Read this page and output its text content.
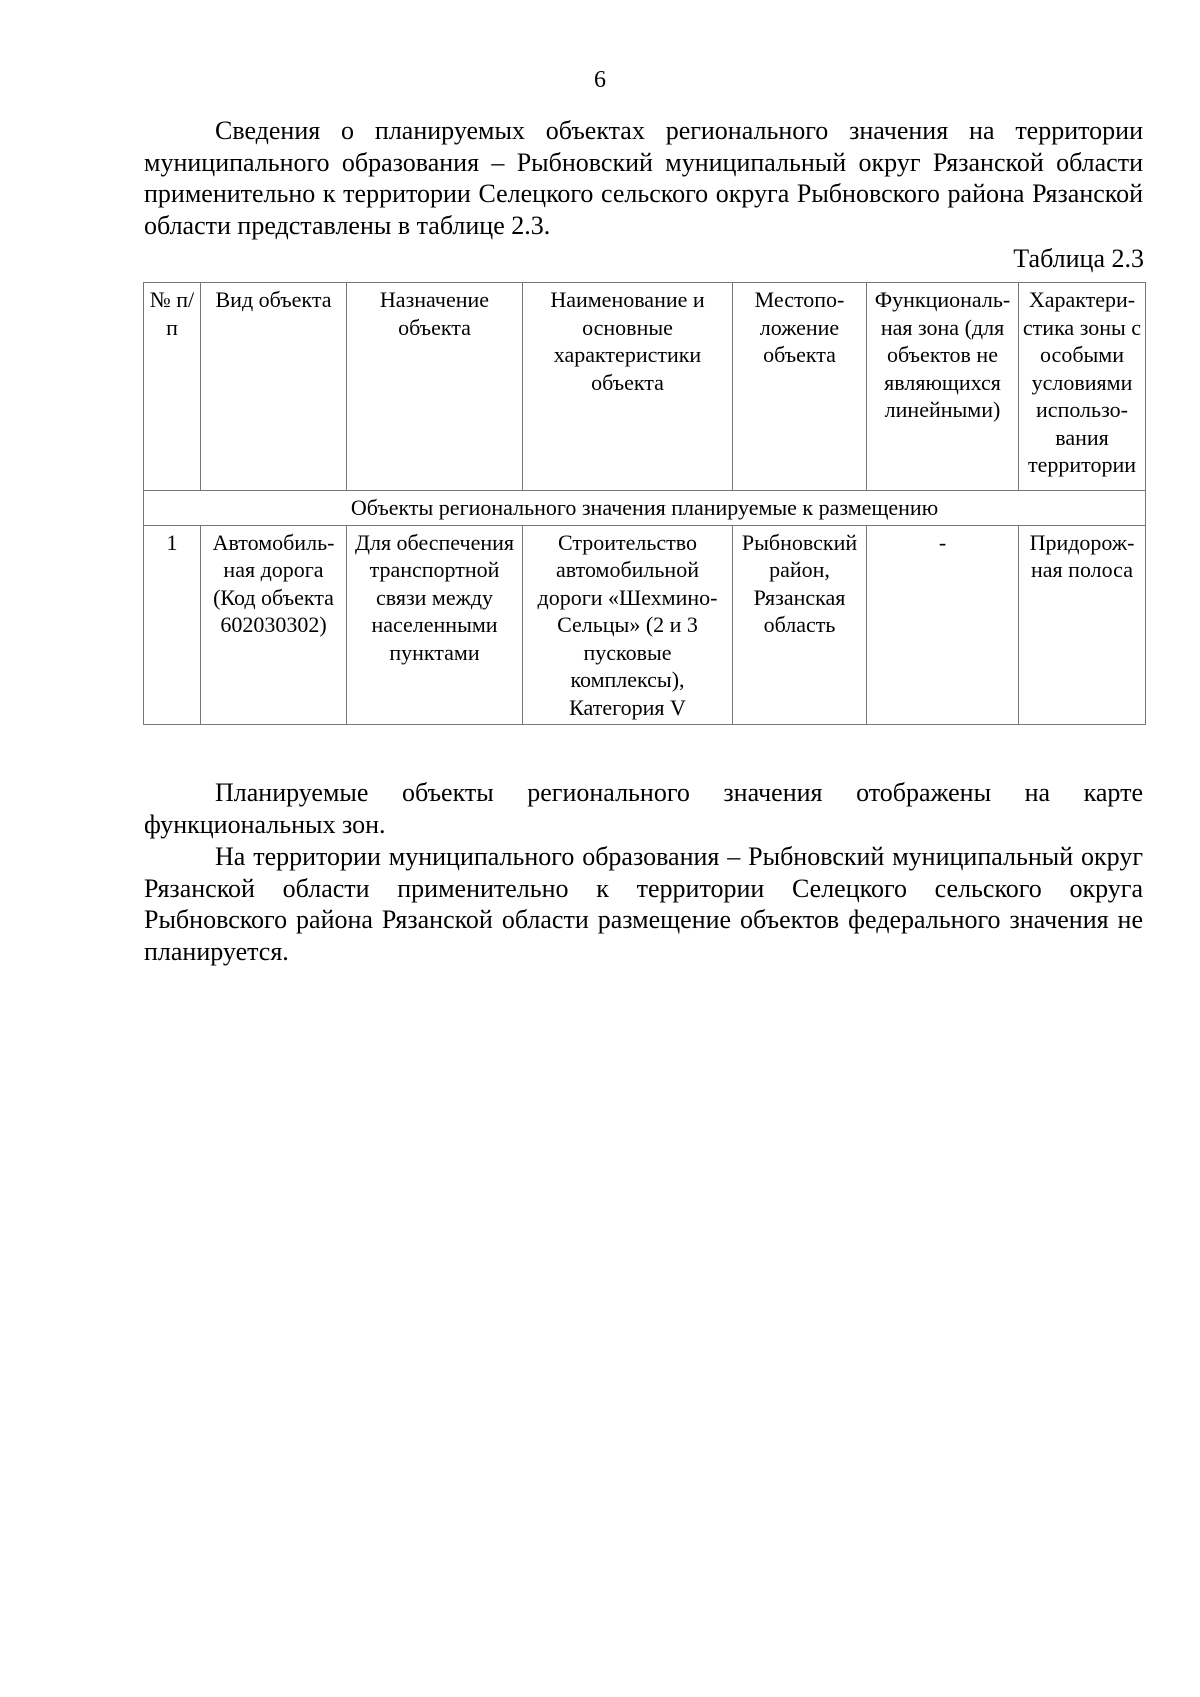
6

Сведения о планируемых объектах регионального значения на территории муниципального образования – Рыбновский муниципальный округ Рязанской области применительно к территории Селецкого сельского округа Рыбновского района Рязанской области представлены в таблице 2.3.

Таблица 2.3
№ п/п	Вид объекта	Назначение объекта	Наименование и основные характеристики объекта	Местопо-ложение объекта	Функциональ-ная зона (для объектов не являющихся линейными)	Характери-стика зоны с особыми условиями использо-вания территории
Объекты регионального значения планируемые к размещению						
1	Автомобиль-ная дорога (Код объекта 602030302)	Для обеспечения транспортной связи между населенными пунктами	Строительство автомобильной дороги «Шехмино-Сельцы» (2 и 3 пусковые комплексы), Категория V	Рыбновский район, Рязанская область	-	Придорож-ная полоса

Планируемые объекты регионального значения отображены на карте функциональных зон.

На территории муниципального образования – Рыбновский муниципальный округ Рязанской области применительно к территории Селецкого сельского округа Рыбновского района Рязанской области размещение объектов федерального значения не планируется.
